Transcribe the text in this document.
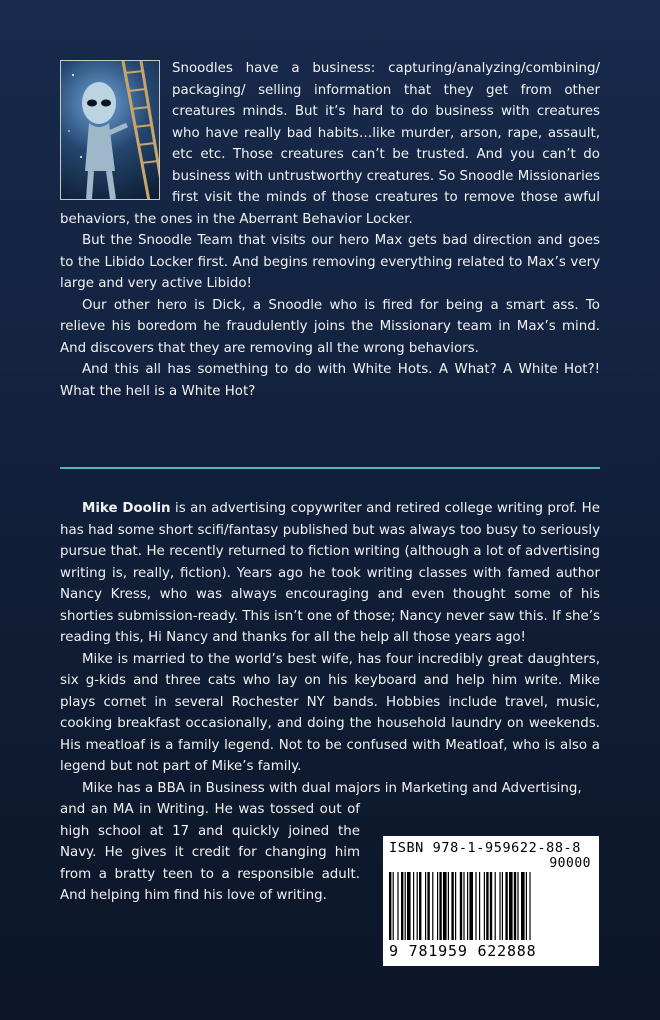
Snoodles have a business: capturing/analyzing/combining/ packaging/ selling information that they get from other creatures minds. But it’s hard to do business with creatures who have really bad habits…like murder, arson, rape, assault, etc etc. Those creatures can’t be trusted. And you can’t do business with untrustworthy creatures. So Snoodle Missionaries first visit the minds of those creatures to remove those awful behaviors, the ones in the Aberrant Behavior Locker.

But the Snoodle Team that visits our hero Max gets bad direction and goes to the Libido Locker first. And begins removing everything related to Max’s very large and very active Libido!

Our other hero is Dick, a Snoodle who is fired for being a smart ass. To relieve his boredom he fraudulently joins the Missionary team in Max’s mind. And discovers that they are removing all the wrong behaviors.

And this all has something to do with White Hots. A What? A White Hot?! What the hell is a White Hot?

Mike Doolin is an advertising copywriter and retired college writing prof. He has had some short scifi/fantasy published but was always too busy to seriously pursue that. He recently returned to fiction writing (although a lot of advertising writing is, really, fiction). Years ago he took writing classes with famed author Nancy Kress, who was always encouraging and even thought some of his shorties submission-ready. This isn’t one of those; Nancy never saw this. If she’s reading this, Hi Nancy and thanks for all the help all those years ago!

Mike is married to the world’s best wife, has four incredibly great daughters, six g-kids and three cats who lay on his keyboard and help him write. Mike plays cornet in several Rochester NY bands. Hobbies include travel, music, cooking breakfast occasionally, and doing the household laundry on weekends. His meatloaf is a family legend. Not to be confused with Meatloaf, who is also a legend but not part of Mike’s family.

Mike has a BBA in Business with dual majors in Marketing and Advertising,

and an MA in Writing. He was tossed out of high school at 17 and quickly joined the Navy. He gives it credit for changing him from a bratty teen to a responsible adult. And helping him find his love of writing.
ISBN 978-1-959622-88-8
90000
9 781959 622888
